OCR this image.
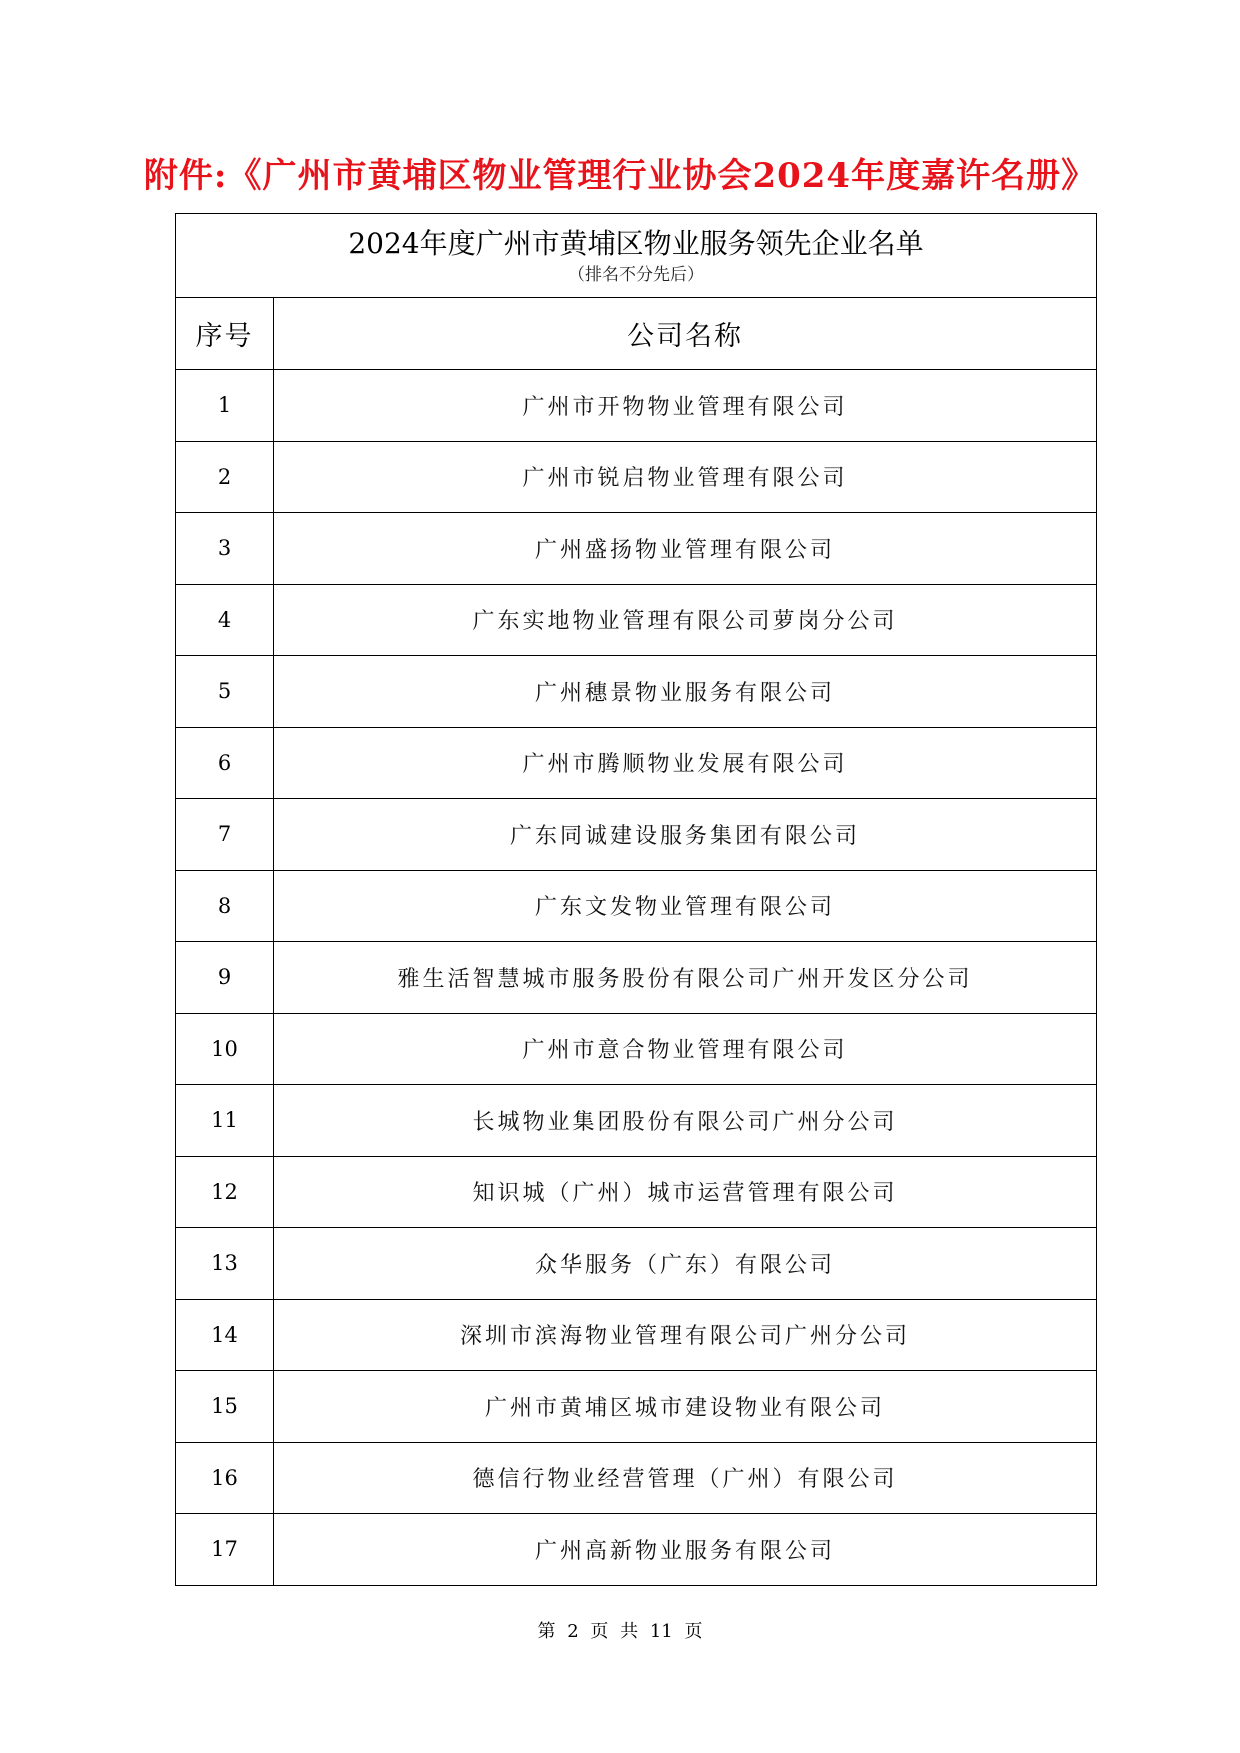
附件:《广州市黄埔区物业管理行业协会2024年度嘉许名册》
2024年度广州市黄埔区物业服务领先企业名单
（排名不分先后）	

序号	公司名称
1	广州市开物物业管理有限公司
2	广州市锐启物业管理有限公司
3	广州盛扬物业管理有限公司
4	广东实地物业管理有限公司萝岗分公司
5	广州穗景物业服务有限公司
6	广州市腾顺物业发展有限公司
7	广东同诚建设服务集团有限公司
8	广东文发物业管理有限公司
9	雅生活智慧城市服务股份有限公司广州开发区分公司
10	广州市意合物业管理有限公司
11	长城物业集团股份有限公司广州分公司
12	知识城（广州）城市运营管理有限公司
13	众华服务（广东）有限公司
14	深圳市滨海物业管理有限公司广州分公司
15	广州市黄埔区城市建设物业有限公司
16	德信行物业经营管理（广州）有限公司
17	广州高新物业服务有限公司
第 2 页 共 11 页
